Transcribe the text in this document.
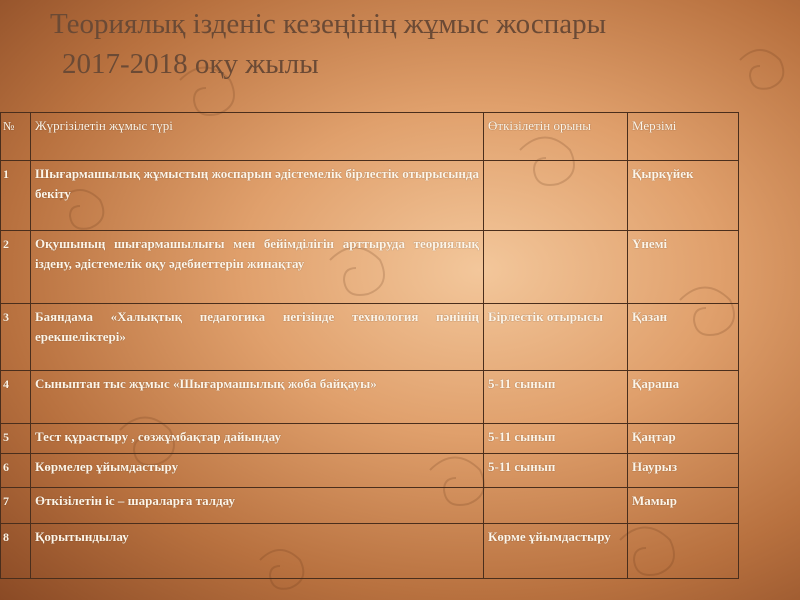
Теориялық ізденіс кезеңінің жұмыс жоспары
2017-2018 оқу жылы
№	Жүргізілетін жұмыс түрі	Өткізілетін орыны	Мерзімі
1	Шығармашылық жұмыстың жоспарын әдістемелік бірлестік отырысында бекіту		Қыркүйек
2	Оқушының шығармашылығы мен бейімділігін арттыруда теориялық іздену, әдістемелік оқу әдебиеттерін жинақтау		Үнемі
3	Баяндама «Халықтық педагогика негізінде технология пәнінің ерекшеліктері»	Бірлестік отырысы	Қазан
4	Сыныптан тыс жұмыс «Шығармашылық жоба байқауы»	5-11 сынып	Қараша
5	Тест құрастыру , сөзжұмбақтар дайындау	5-11 сынып	Қаңтар
6	Көрмелер ұйымдастыру	5-11 сынып	Наурыз
7	Өткізілетін іс – шараларға талдау		Мамыр
8	Қорытындылау	Көрме ұйымдастыру	
